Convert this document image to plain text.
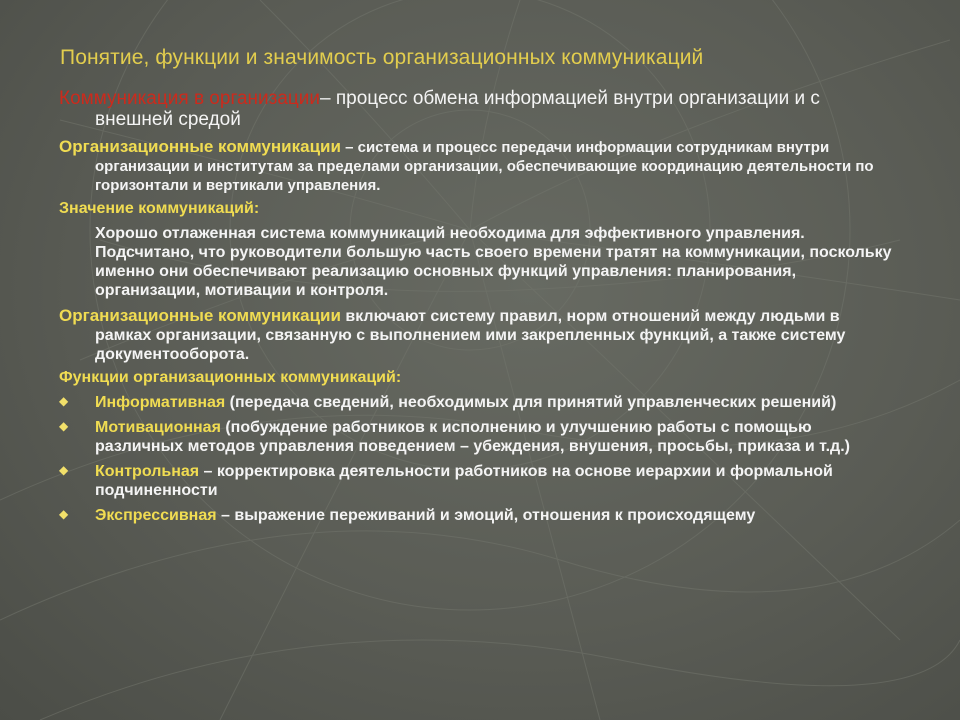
Понятие, функции и значимость организационных коммуникаций
Коммуникация в организации– процесс обмена информацией внутри организации и с внешней средой
Организационные коммуникации – система и процесс передачи информации сотрудникам внутри организации и институтам за пределами организации, обеспечивающие координацию деятельности по горизонтали и вертикали управления.
Значение коммуникаций:
Хорошо отлаженная система коммуникаций необходима для эффективного управления. Подсчитано, что руководители большую часть своего времени тратят на коммуникации, поскольку именно они обеспечивают реализацию основных функций управления: планирования, организации, мотивации и контроля.
Организационные коммуникации включают систему правил, норм отношений между людьми в рамках организации, связанную с выполнением ими закрепленных функций, а также систему документооборота.
Функции организационных коммуникаций:
◆ Информативная (передача сведений, необходимых для принятий управленческих решений)
◆ Мотивационная (побуждение работников к исполнению и улучшению работы с помощью различных методов управления поведением – убеждения, внушения, просьбы, приказа и т.д.)
◆ Контрольная – корректировка деятельности работников на основе иерархии и формальной подчиненности
◆ Экспрессивная – выражение переживаний и эмоций, отношения к происходящему
